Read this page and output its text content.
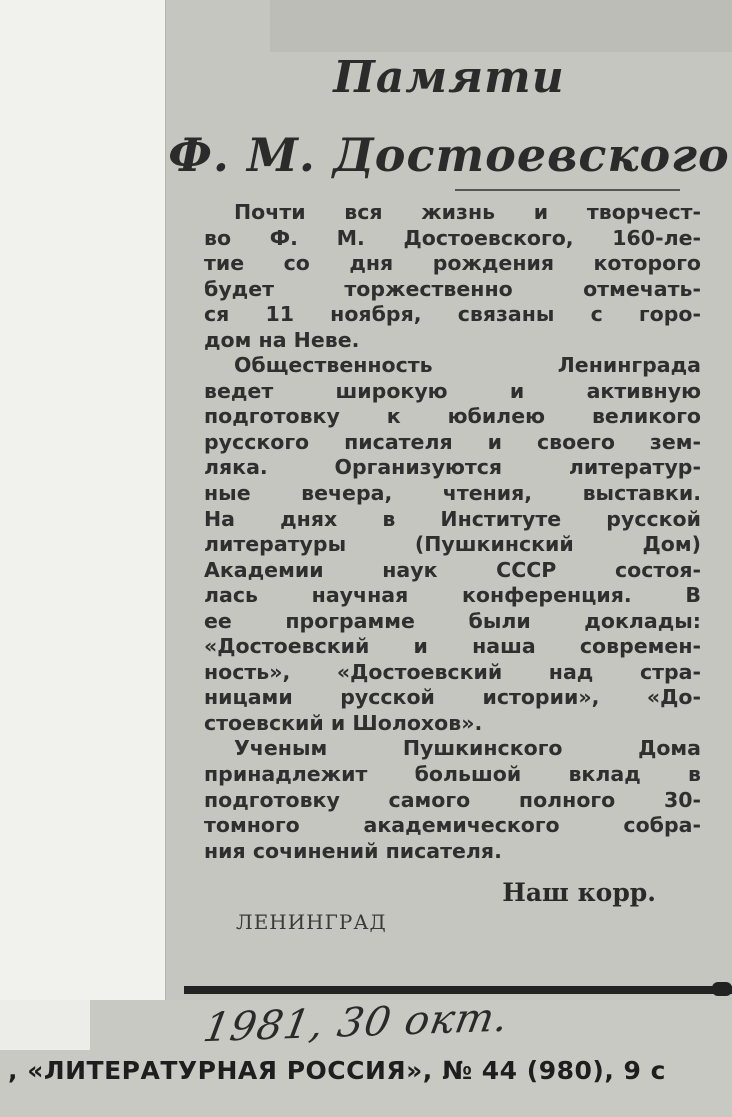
Памяти
Ф. М. Достоевского
Почти вся жизнь и творчест-
во Ф. М. Достоевского, 160-ле-
тие со дня рождения которого
будет торжественно отмечать-
ся 11 ноября, связаны с горо-
дом на Неве.
Общественность Ленинграда
ведет широкую и активную
подготовку к юбилею великого
русского писателя и своего зем-
ляка. Организуются литератур-
ные вечера, чтения, выставки.
На днях в Институте русской
литературы (Пушкинский Дом)
Академии наук СССР состоя-
лась научная конференция. В
ее программе были доклады:
«Достоевский и наша современ-
ность», «Достоевский над стра-
ницами русской истории», «До-
стоевский и Шолохов».
Ученым Пушкинского Дома
принадлежит большой вклад в
подготовку самого полного 30-
томного академического собра-
ния сочинений писателя.
Наш корр.
ЛЕНИНГРАД
1981, 30 окт.
, «ЛИТЕРАТУРНАЯ РОССИЯ», № 44 (980), 9 с
